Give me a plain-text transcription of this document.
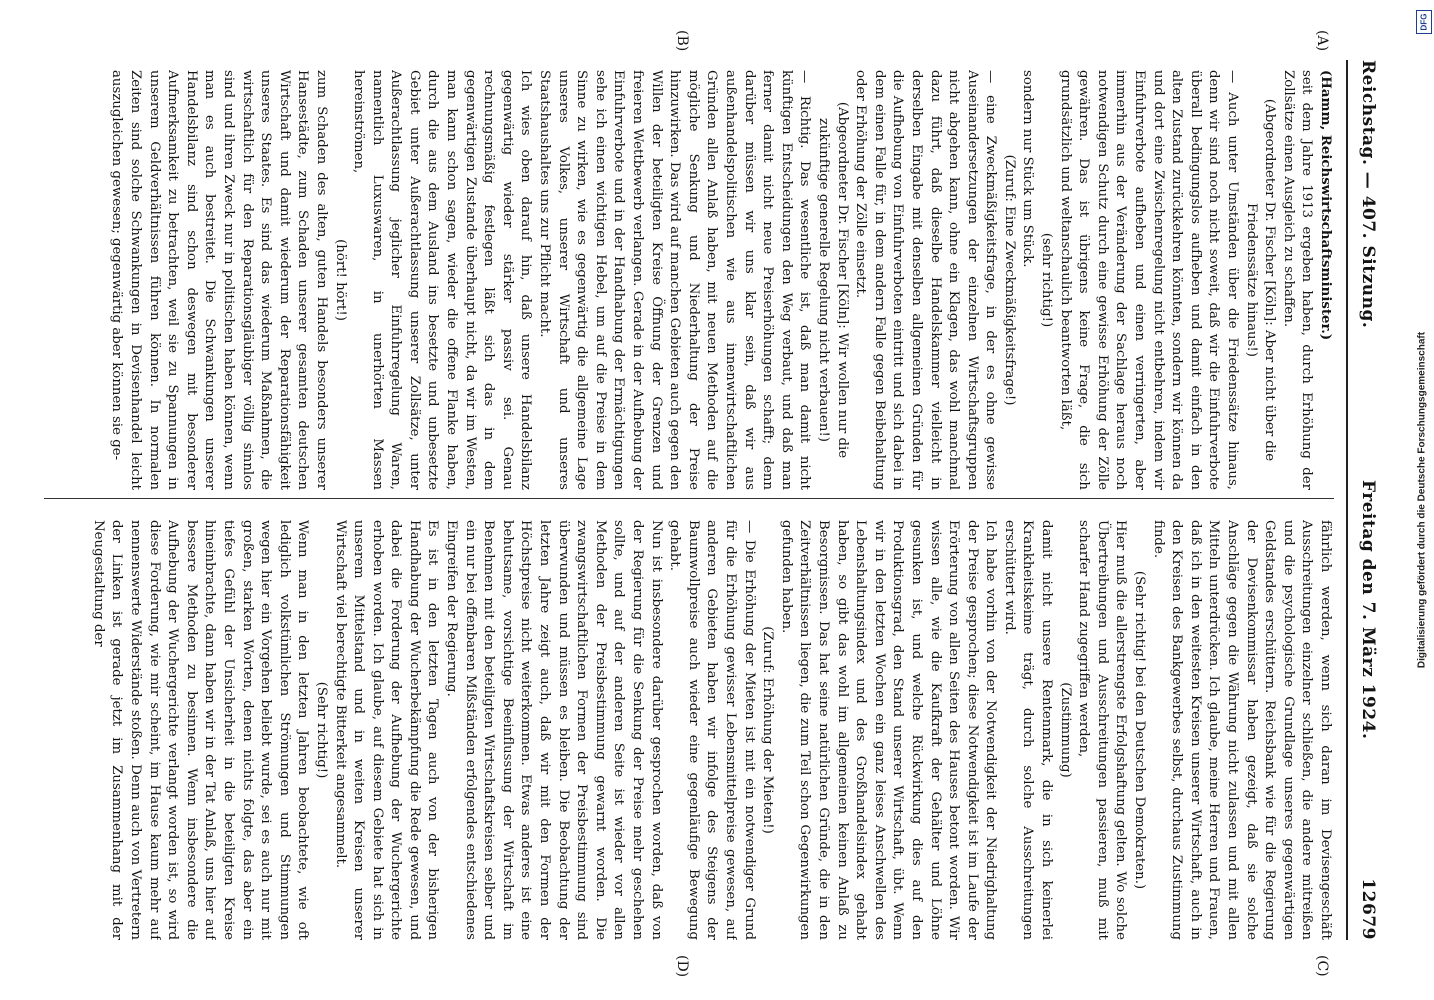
Reichstag. — 407. Sitzung.
Freitag den 7. März 1924.
12679
(A)
(B)
(C)
(D)

(Hamm, Reichswirtschaftsminister.)

seit dem Jahre 1913 ergeben haben, durch Erhöhung der Zollsätze einen Ausgleich zu schaffen.

(Abgeordneter Dr. Fischer [Köln]: Aber nicht über die Friedenssätze hinaus!)

— Auch unter Umständen über die Friedenssätze hinaus, denn wir sind noch nicht soweit, daß wir die Einfuhrverbote überall bedingungslos aufheben und damit einfach in den alten Zustand zurückkehren könnten, sondern wir können da und dort eine Zwischenregelung nicht entbehren, indem wir Einfuhrverbote aufheben und einen verringerten, aber immerhin aus der Veränderung der Sachlage heraus noch notwendigen Schutz durch eine gewisse Erhöhung der Zölle gewähren. Das ist übrigens keine Frage, die sich grundsätzlich und weltanschaulich beantworten läßt,

(sehr richtig!)

sondern nur Stück um Stück.

(Zuruf: Eine Zweckmäßigkeitsfrage!)

— eine Zweckmäßigkeitsfrage, in der es ohne gewisse Auseinandersetzungen der einzelnen Wirtschaftsgruppen nicht abgehen kann, ohne ein Klagen, das wohl manchmal dazu führt, daß dieselbe Handelskammer vielleicht in derselben Eingabe mit denselben allgemeinen Gründen für die Aufhebung von Einfuhrverboten eintritt und sich dabei in dem einen Falle für, in dem andern Falle gegen Beibehaltung oder Erhöhung der Zölle einsetzt.

(Abgeordneter Dr. Fischer [Köln]: Wir wollen nur die zukünftige generelle Regelung nicht verbauen!)

— Richtig. Das wesentliche ist, daß man damit nicht künftigen Entscheidungen den Weg verbaut, und daß man ferner damit nicht neue Preiserhöhungen schafft; denn darüber müssen wir uns klar sein, daß wir aus außenhandelspolitischen wie aus innenwirtschaftlichen Gründen allen Anlaß haben, mit neuen Methoden auf die mögliche Senkung und Niederhaltung der Preise hinzuwirken. Das wird auf manchen Gebieten auch gegen den Willen der beteiligten Kreise Öffnung der Grenzen und freieren Wettbewerb verlangen. Gerade in der Aufhebung der Einfuhrverbote und in der Handhabung der Ermächtigungen sehe ich einen wichtigen Hebel, um auf die Preise in dem Sinne zu wirken, wie es gegenwärtig die allgemeine Lage unseres Volkes, unserer Wirtschaft und unseres Staatshaushaltes uns zur Pflicht macht.

Ich wies oben darauf hin, daß unsere Handelsbilanz gegenwärtig wieder stärker passiv sei. Genau rechnungsmäßig festlegen läßt sich das in dem gegenwärtigen Zustande überhaupt nicht, da wir im Westen, man kann schon sagen, wieder die offene Flanke haben, durch die aus dem Ausland ins besetzte und unbesetzte Gebiet unter Außerachtlassung unserer Zollsätze, unter Außerachtlassung jeglicher Einfuhrregelung Waren, namentlich Luxuswaren, in unerhörten Massen hereinströmen,

(hört! hört!)

zum Schaden des alten, guten Handels besonders unserer Hansestädte, zum Schaden unserer gesamten deutschen Wirtschaft und damit wiederum der Reparationsfähigkeit unseres Staates. Es sind das wiederum Maßnahmen, die wirtschaftlich für den Reparationsgläubiger völlig sinnlos sind und ihren Zweck nur in politischen haben können, wenn man es auch bestreitet. Die Schwankungen unserer Handelsbilanz sind schon deswegen mit besonderer Aufmerksamkeit zu betrachten, weil sie zu Spannungen in unserem Geldverhältnissen führen können. In normalen Zeiten sind solche Schwankungen in Devisenhandel leicht auszugleichen gewesen; gegenwärtig aber können sie ge-

fährlich werden, wenn sich daran im Devisengeschäft Ausschreitungen einzelner schließen, die andere mitreißen und die psychologische Grundlage unseres gegenwärtigen Geldstandes erschüttern. Reichsbank wie für die Regierung der Devisenkommissar haben gezeigt, daß sie solche Anschläge gegen die Währung nicht zulassen und mit allen Mitteln unterdrücken. Ich glaube, meine Herren und Frauen, daß ich in den weitesten Kreisen unserer Wirtschaft, auch in den Kreisen des Bankgewerbes selbst, durchaus Zustimmung finde.

(Sehr richtig! bei den Deutschen Demokraten.)

Hier muß die allerstrengste Erfolgshaftung gelten. Wo solche Übertreibungen und Ausschreitungen passieren, muß mit scharfer Hand zugegriffen werden,

(Zustimmung)

damit nicht unsere Rentenmark, die in sich keinerlei Krankheitskeime trägt, durch solche Ausschreitungen erschüttert wird.

Ich habe vorhin von der Notwendigkeit der Niedrighaltung der Preise gesprochen; diese Notwendigkeit ist im Laufe der Erörterung von allen Seiten des Hauses betont worden. Wir wissen alle, wie die Kaufkraft der Gehälter und Löhne gesunken ist, und welche Rückwirkung dies auf den Produktionsgrad, den Stand unserer Wirtschaft, übt. Wenn wir in den letzten Wochen ein ganz leises Anschwellen des Lebenshaltungsindex und des Großhandelsindex gehabt haben, so gibt das wohl im allgemeinen keinen Anlaß zu Besorgnissen. Das hat seine natürlichen Gründe, die in den Zeitverhältnissen liegen, die zum Teil schon Gegenwirkungen gefunden haben.

(Zuruf: Erhöhung der Mieten!)

— Die Erhöhung der Mieten ist mit ein notwendiger Grund für die Erhöhung gewisser Lebensmittelpreise gewesen, auf anderen Gebieten haben wir infolge des Steigens der Baumwollpreise auch wieder eine gegenläufige Bewegung gehabt.

Nun ist insbesondere darüber gesprochen worden, daß von der Regierung für die Senkung der Preise mehr geschehen sollte, und auf der anderen Seite ist wieder vor allen Methoden der Preisbestimmung gewarnt worden. Die zwangswirtschaftlichen Formen der Preisbestimmung sind überwunden und müssen es bleiben. Die Beobachtung der letzten Jahre zeigt auch, daß wir mit den Formen der Höchstpreise nicht weiterkommen. Etwas anderes ist eine behutsame, vorsichtige Beeinflussung der Wirtschaft im Benehmen mit den beteiligten Wirtschaftskreisen selber und ein nur bei offenbaren Mißständen erfolgendes entschiedenes Eingreifen der Regierung.

Es ist in den letzten Tagen auch von der bisherigen Handhabung der Wucherbekämpfung die Rede gewesen, und dabei die Forderung der Aufhebung der Wuchergerichte erhoben worden. Ich glaube, auf diesem Gebiete hat sich in unserem Mittelstand und in weiten Kreisen unserer Wirtschaft viel berechtigte Bitterkeit angesammelt.

(Sehr richtig!)

Wenn man in den letzten Jahren beobachtete, wie oft lediglich volkstümlichen Strömungen und Stimmungen wegen hier ein Vorgehen beliebt wurde, sei es auch nur mit großen, starken Worten, denen nichts folgte, das aber ein tiefes Gefühl der Unsicherheit in die beteiligten Kreise hineinbrachte, dann haben wir in der Tat Anlaß, uns hier auf bessere Methoden zu besinnen. Wenn insbesondere die Aufhebung der Wuchergerichte verlangt worden ist, so wird diese Forderung, wie mir scheint, im Hause kaum mehr auf nennenswerte Widerstände stoßen. Denn auch von Vertretern der Linken ist gerade jetzt im Zusammenhang mit der Neugestaltung der

DFG
Digitalisierung gefördert durch die Deutsche Forschungsgemeinschaft
